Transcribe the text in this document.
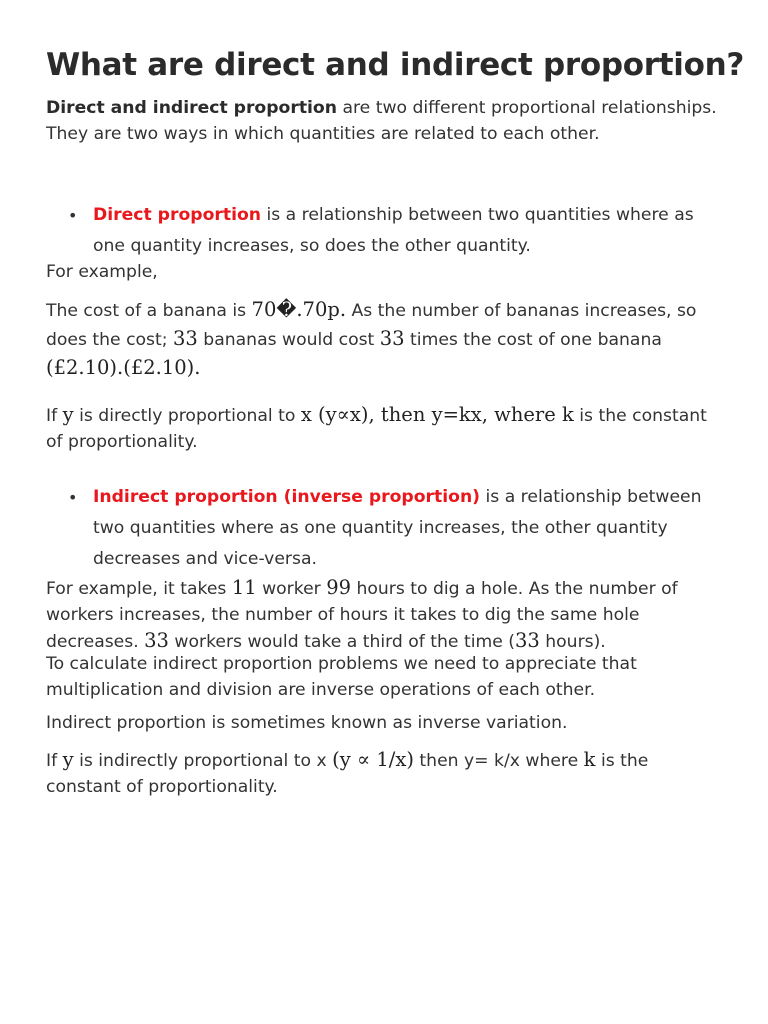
What are direct and indirect proportion?

Direct and indirect proportion are two different proportional relationships. They are two ways in which quantities are related to each other.

• Direct proportion is a relationship between two quantities where as one quantity increases, so does the other quantity.

For example,

The cost of a banana is 70�.70p. As the number of bananas increases, so does the cost; 33 bananas would cost 33 times the cost of one banana (£2.10).(£2.10).

If y is directly proportional to x (y∝x), then y=kx, where k is the constant of proportionality.

• Indirect proportion (inverse proportion) is a relationship between two quantities where as one quantity increases, the other quantity decreases and vice-versa.

For example, it takes 11 worker 99 hours to dig a hole. As the number of workers increases, the number of hours it takes to dig the same hole decreases. 33 workers would take a third of the time (33 hours).

To calculate indirect proportion problems we need to appreciate that multiplication and division are inverse operations of each other.

Indirect proportion is sometimes known as inverse variation.

If y is indirectly proportional to x (y ∝ 1/x) then y= k/x where k is the constant of proportionality.
